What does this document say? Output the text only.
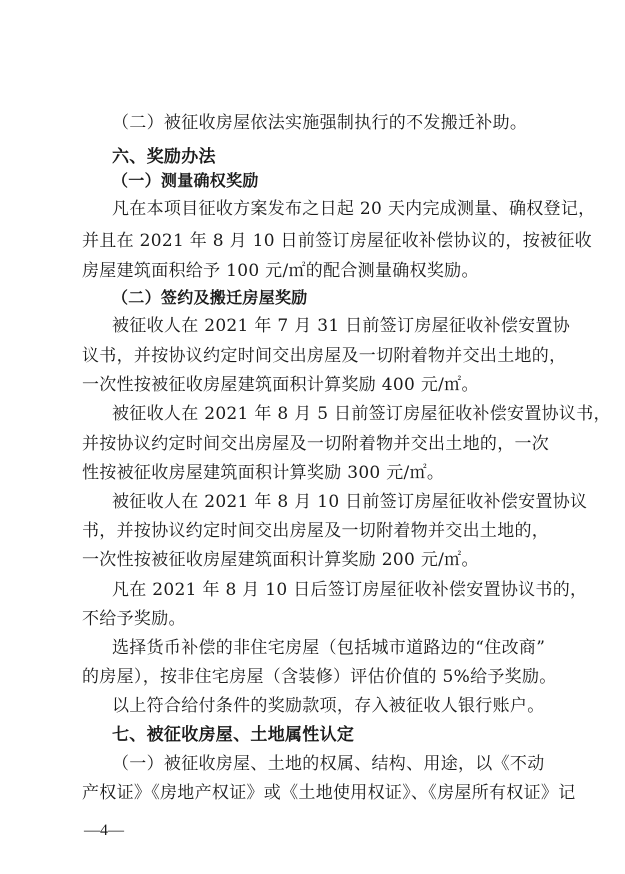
（二）被征收房屋依法实施强制执行的不发搬迁补助。
六、奖励办法
（一）测量确权奖励
凡在本项目征收方案发布之日起 20 天内完成测量、确权登记，
并且在 2021 年 8 月 10 日前签订房屋征收补偿协议的，按被征收
房屋建筑面积给予 100 元/㎡的配合测量确权奖励。
（二）签约及搬迁房屋奖励
被征收人在 2021 年 7 月 31 日前签订房屋征收补偿安置协
议书，并按协议约定时间交出房屋及一切附着物并交出土地的，
一次性按被征收房屋建筑面积计算奖励 400 元/㎡。
被征收人在 2021 年 8 月 5 日前签订房屋征收补偿安置协议书，
并按协议约定时间交出房屋及一切附着物并交出土地的，一次
性按被征收房屋建筑面积计算奖励 300 元/㎡。
被征收人在 2021 年 8 月 10 日前签订房屋征收补偿安置协议
书，并按协议约定时间交出房屋及一切附着物并交出土地的，
一次性按被征收房屋建筑面积计算奖励 200 元/㎡。
凡在 2021 年 8 月 10 日后签订房屋征收补偿安置协议书的，
不给予奖励。
选择货币补偿的非住宅房屋（包括城市道路边的“住改商”
的房屋），按非住宅房屋（含装修）评估价值的 5%给予奖励。
以上符合给付条件的奖励款项，存入被征收人银行账户。
七、被征收房屋、土地属性认定
（一）被征收房屋、土地的权属、结构、用途，以《不动
产权证》《房地产权证》或《土地使用权证》、《房屋所有权证》记
—4—
